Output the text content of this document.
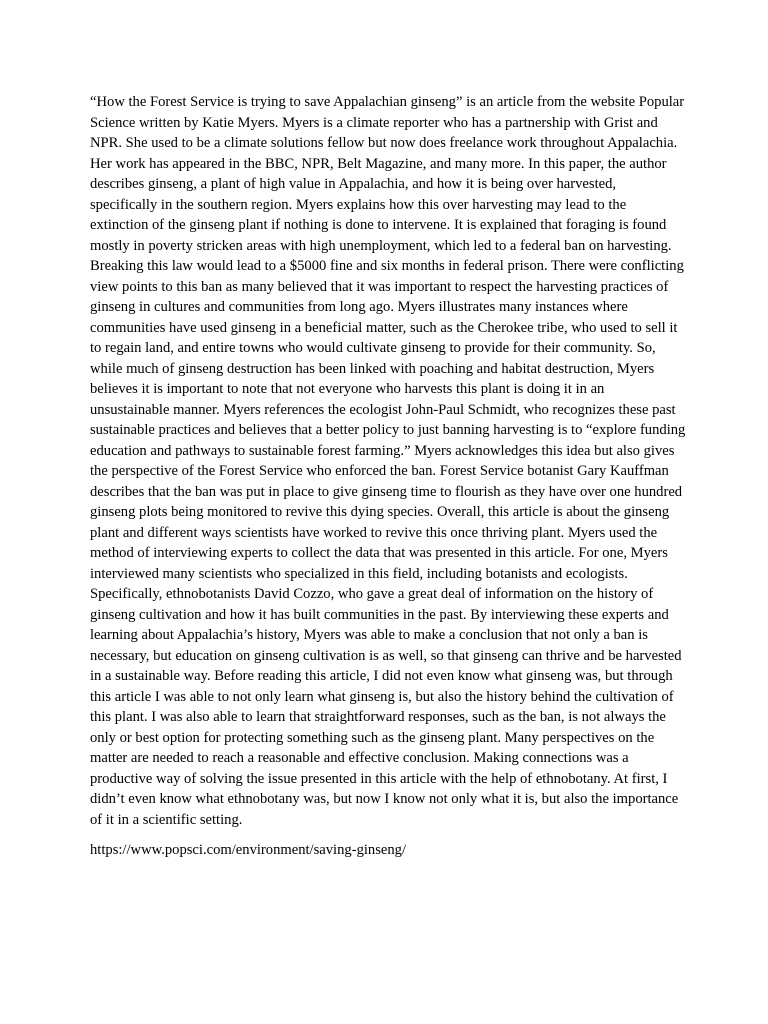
“How the Forest Service is trying to save Appalachian ginseng” is an article from the website Popular Science written by Katie Myers. Myers is a climate reporter who has a partnership with Grist and NPR. She used to be a climate solutions fellow but now does freelance work throughout Appalachia. Her work has appeared in the BBC, NPR, Belt Magazine, and many more. In this paper, the author describes ginseng, a plant of high value in Appalachia, and how it is being over harvested, specifically in the southern region. Myers explains how this over harvesting may lead to the extinction of the ginseng plant if nothing is done to intervene. It is explained that foraging is found mostly in poverty stricken areas with high unemployment, which led to a federal ban on harvesting. Breaking this law would lead to a $5000 fine and six months in federal prison. There were conflicting view points to this ban as many believed that it was important to respect the harvesting practices of ginseng in cultures and communities from long ago. Myers illustrates many instances where communities have used ginseng in a beneficial matter, such as the Cherokee tribe, who used to sell it to regain land, and entire towns who would cultivate ginseng to provide for their community. So, while much of ginseng destruction has been linked with poaching and habitat destruction, Myers believes it is important to note that not everyone who harvests this plant is doing it in an unsustainable manner. Myers references the ecologist John-Paul Schmidt, who recognizes these past sustainable practices and believes that a better policy to just banning harvesting is to “explore funding education and pathways to sustainable forest farming.” Myers acknowledges this idea but also gives the perspective of the Forest Service who enforced the ban. Forest Service botanist Gary Kauffman describes that the ban was put in place to give ginseng time to flourish as they have over one hundred ginseng plots being monitored to revive this dying species. Overall, this article is about the ginseng plant and different ways scientists have worked to revive this once thriving plant. Myers used the method of interviewing experts to collect the data that was presented in this article. For one, Myers interviewed many scientists who specialized in this field, including botanists and ecologists. Specifically, ethnobotanists David Cozzo, who gave a great deal of information on the history of ginseng cultivation and how it has built communities in the past. By interviewing these experts and learning about Appalachia’s history, Myers was able to make a conclusion that not only a ban is necessary, but education on ginseng cultivation is as well, so that ginseng can thrive and be harvested in a sustainable way. Before reading this article, I did not even know what ginseng was, but through this article I was able to not only learn what ginseng is, but also the history behind the cultivation of this plant. I was also able to learn that straightforward responses, such as the ban, is not always the only or best option for protecting something such as the ginseng plant. Many perspectives on the matter are needed to reach a reasonable and effective conclusion. Making connections was a productive way of solving the issue presented in this article with the help of ethnobotany. At first, I didn’t even know what ethnobotany was, but now I know not only what it is, but also the importance of it in a scientific setting.

https://www.popsci.com/environment/saving-ginseng/
